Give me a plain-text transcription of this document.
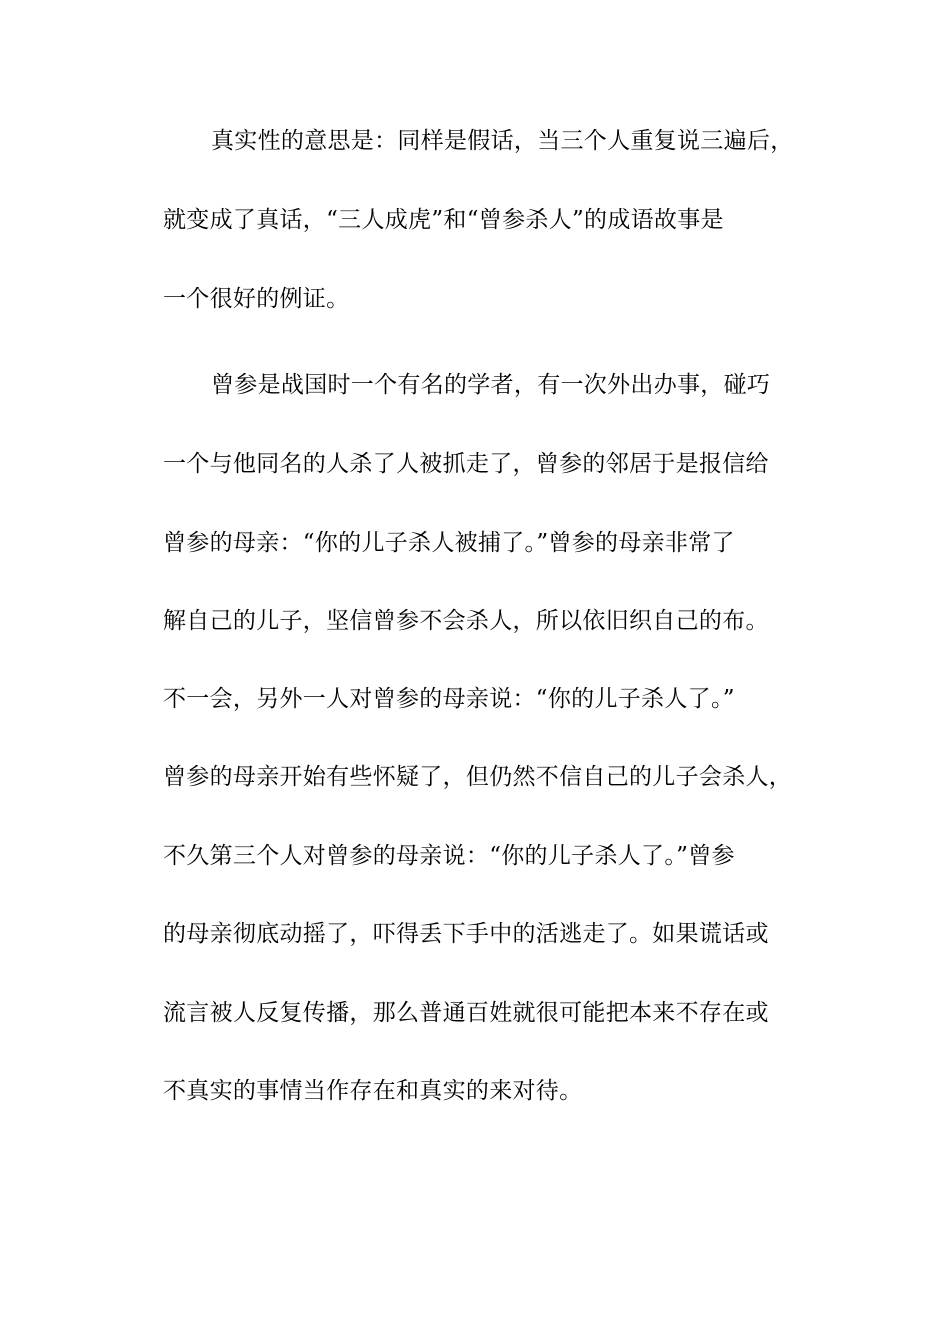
真实性的意思是：同样是假话，当三个人重复说三遍后，
就变成了真话，“三人成虎”和“曾参杀人”的成语故事是
一个很好的例证。
曾参是战国时一个有名的学者，有一次外出办事，碰巧
一个与他同名的人杀了人被抓走了，曾参的邻居于是报信给
曾参的母亲：“你的儿子杀人被捕了。”曾参的母亲非常了
解自己的儿子，坚信曾参不会杀人，所以依旧织自己的布。
不一会，另外一人对曾参的母亲说：“你的儿子杀人了。”
曾参的母亲开始有些怀疑了，但仍然不信自己的儿子会杀人，
不久第三个人对曾参的母亲说：“你的儿子杀人了。”曾参
的母亲彻底动摇了，吓得丢下手中的活逃走了。如果谎话或
流言被人反复传播，那么普通百姓就很可能把本来不存在或
不真实的事情当作存在和真实的来对待。
